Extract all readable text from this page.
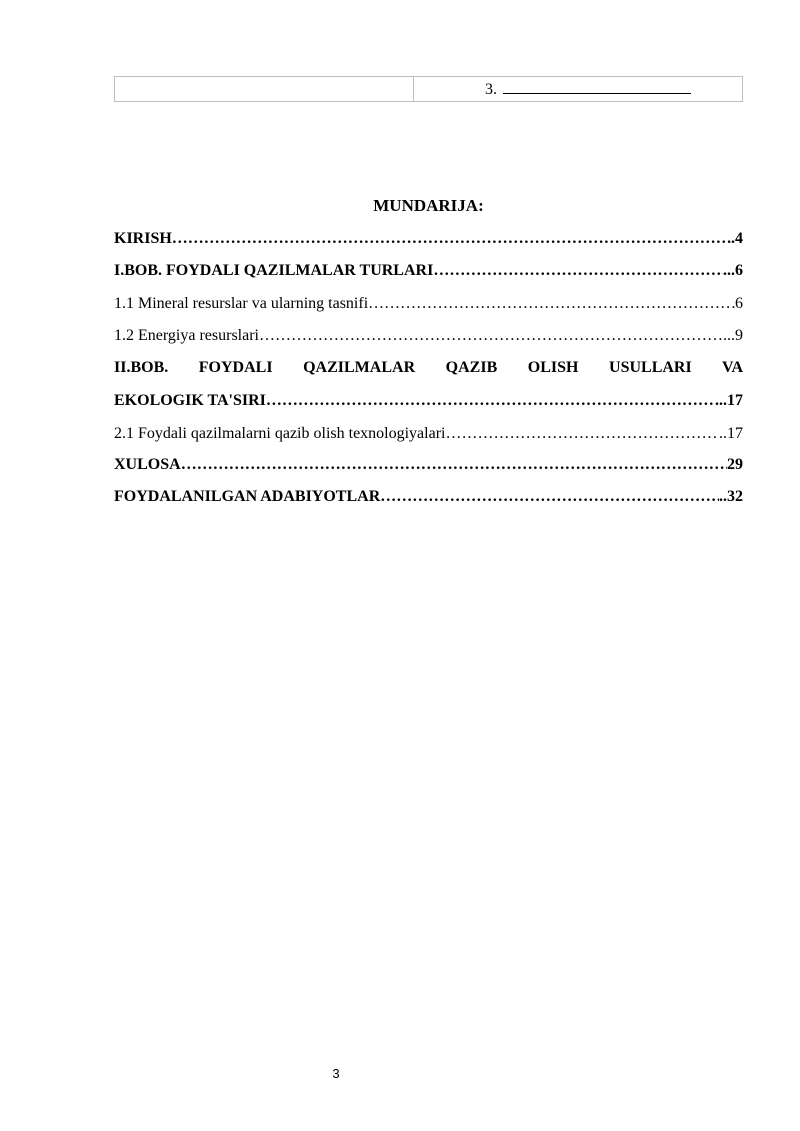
	3.
MUNDARIJA:
KIRISH ……………………………………………………………………………………………………………………………………………………………………	.4
I.BOB. FOYDALI QAZILMALAR TURLARI ……………………………………………………………………………………………………………………………………………………………………	...6
1.1 Mineral resurslar va ularning tasnifi ……………………………………………………………………………………………………………………………………………………………………	6
1.2 Energiya resurslari ……………………………………………………………………………………………………………………………………………………………………	...9
II.BOB. FOYDALI QAZILMALAR QAZIB OLISH USULLARI VA
EKOLOGIK TA'SIRI ……………………………………………………………………………………………………………………………………………………………………	...17
2.1 Foydali qazilmalarni qazib olish texnologiyalari ……………………………………………………………………………………………………………………………………………………………………	..17
XULOSA ……………………………………………………………………………………………………………………………………………………………………	29
FOYDALANILGAN ADABIYOTLAR ……………………………………………………………………………………………………………………………………………………………………	..32
3
